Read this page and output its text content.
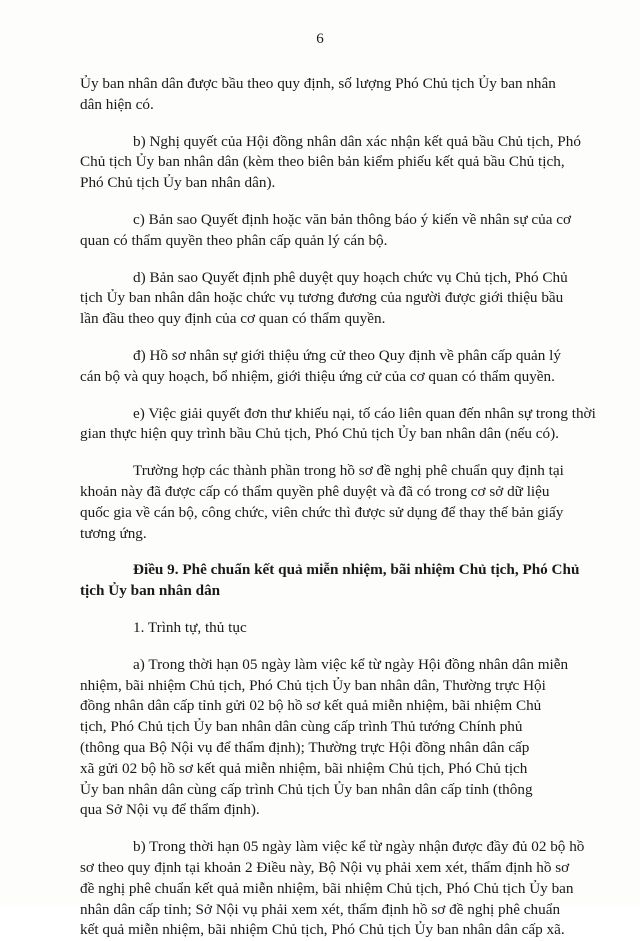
6
Ủy ban nhân dân được bầu theo quy định, số lượng Phó Chủ tịch Ủy ban nhân
dân hiện có.
b) Nghị quyết của Hội đồng nhân dân xác nhận kết quả bầu Chủ tịch, Phó
Chủ tịch Ủy ban nhân dân (kèm theo biên bản kiểm phiếu kết quả bầu Chủ tịch,
Phó Chủ tịch Ủy ban nhân dân).
c) Bản sao Quyết định hoặc văn bản thông báo ý kiến về nhân sự của cơ
quan có thẩm quyền theo phân cấp quản lý cán bộ.
d) Bản sao Quyết định phê duyệt quy hoạch chức vụ Chủ tịch, Phó Chủ
tịch Ủy ban nhân dân hoặc chức vụ tương đương của người được giới thiệu bầu
lần đầu theo quy định của cơ quan có thẩm quyền.
đ) Hồ sơ nhân sự giới thiệu ứng cử theo Quy định về phân cấp quản lý
cán bộ và quy hoạch, bổ nhiệm, giới thiệu ứng cử của cơ quan có thẩm quyền.
e) Việc giải quyết đơn thư khiếu nại, tố cáo liên quan đến nhân sự trong thời
gian thực hiện quy trình bầu Chủ tịch, Phó Chủ tịch Ủy ban nhân dân (nếu có).
Trường hợp các thành phần trong hồ sơ đề nghị phê chuẩn quy định tại
khoản này đã được cấp có thẩm quyền phê duyệt và đã có trong cơ sở dữ liệu
quốc gia về cán bộ, công chức, viên chức thì được sử dụng để thay thế bản giấy
tương ứng.
Điều 9. Phê chuẩn kết quả miễn nhiệm, bãi nhiệm Chủ tịch, Phó Chủ
tịch Ủy ban nhân dân
1. Trình tự, thủ tục
a) Trong thời hạn 05 ngày làm việc kể từ ngày Hội đồng nhân dân miễn
nhiệm, bãi nhiệm Chủ tịch, Phó Chủ tịch Ủy ban nhân dân, Thường trực Hội
đồng nhân dân cấp tỉnh gửi 02 bộ hồ sơ kết quả miễn nhiệm, bãi nhiệm Chủ
tịch, Phó Chủ tịch Ủy ban nhân dân cùng cấp trình Thủ tướng Chính phủ
(thông qua Bộ Nội vụ để thẩm định); Thường trực Hội đồng nhân dân cấp
xã gửi 02 bộ hồ sơ kết quả miễn nhiệm, bãi nhiệm Chủ tịch, Phó Chủ tịch
Ủy ban nhân dân cùng cấp trình Chủ tịch Ủy ban nhân dân cấp tỉnh (thông
qua Sở Nội vụ để thẩm định).
b) Trong thời hạn 05 ngày làm việc kể từ ngày nhận được đầy đủ 02 bộ hồ
sơ theo quy định tại khoản 2 Điều này, Bộ Nội vụ phải xem xét, thẩm định hồ sơ
đề nghị phê chuẩn kết quả miễn nhiệm, bãi nhiệm Chủ tịch, Phó Chủ tịch Ủy ban
nhân dân cấp tỉnh; Sở Nội vụ phải xem xét, thẩm định hồ sơ đề nghị phê chuẩn
kết quả miễn nhiệm, bãi nhiệm Chủ tịch, Phó Chủ tịch Ủy ban nhân dân cấp xã.
